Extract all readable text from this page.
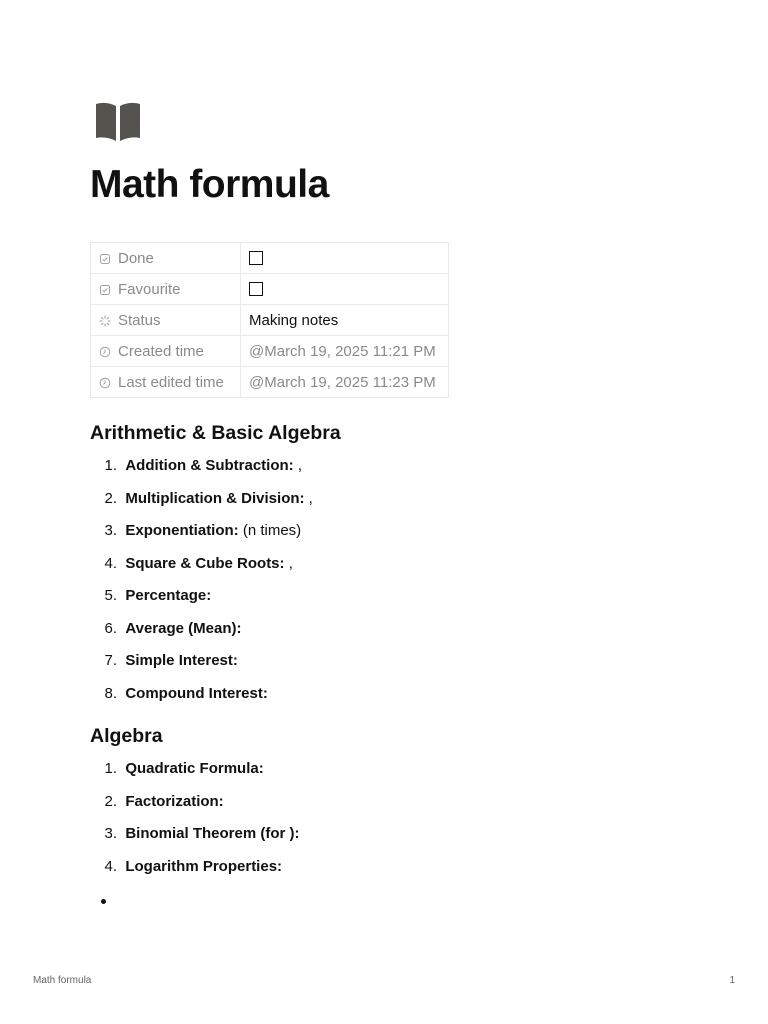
Math formula
Done	
Favourite	
Status	Making notes
Created time	@March 19, 2025 11:21 PM
Last edited time	@March 19, 2025 11:23 PM
Arithmetic & Basic Algebra
1. Addition & Subtraction: ,
2. Multiplication & Division: ,
3. Exponentiation: (n times)
4. Square & Cube Roots: ,
5. Percentage:
6. Average (Mean):
7. Simple Interest:
8. Compound Interest:
Algebra
1. Quadratic Formula:
2. Factorization:
3. Binomial Theorem (for ):
4. Logarithm Properties:
Math formula	1
